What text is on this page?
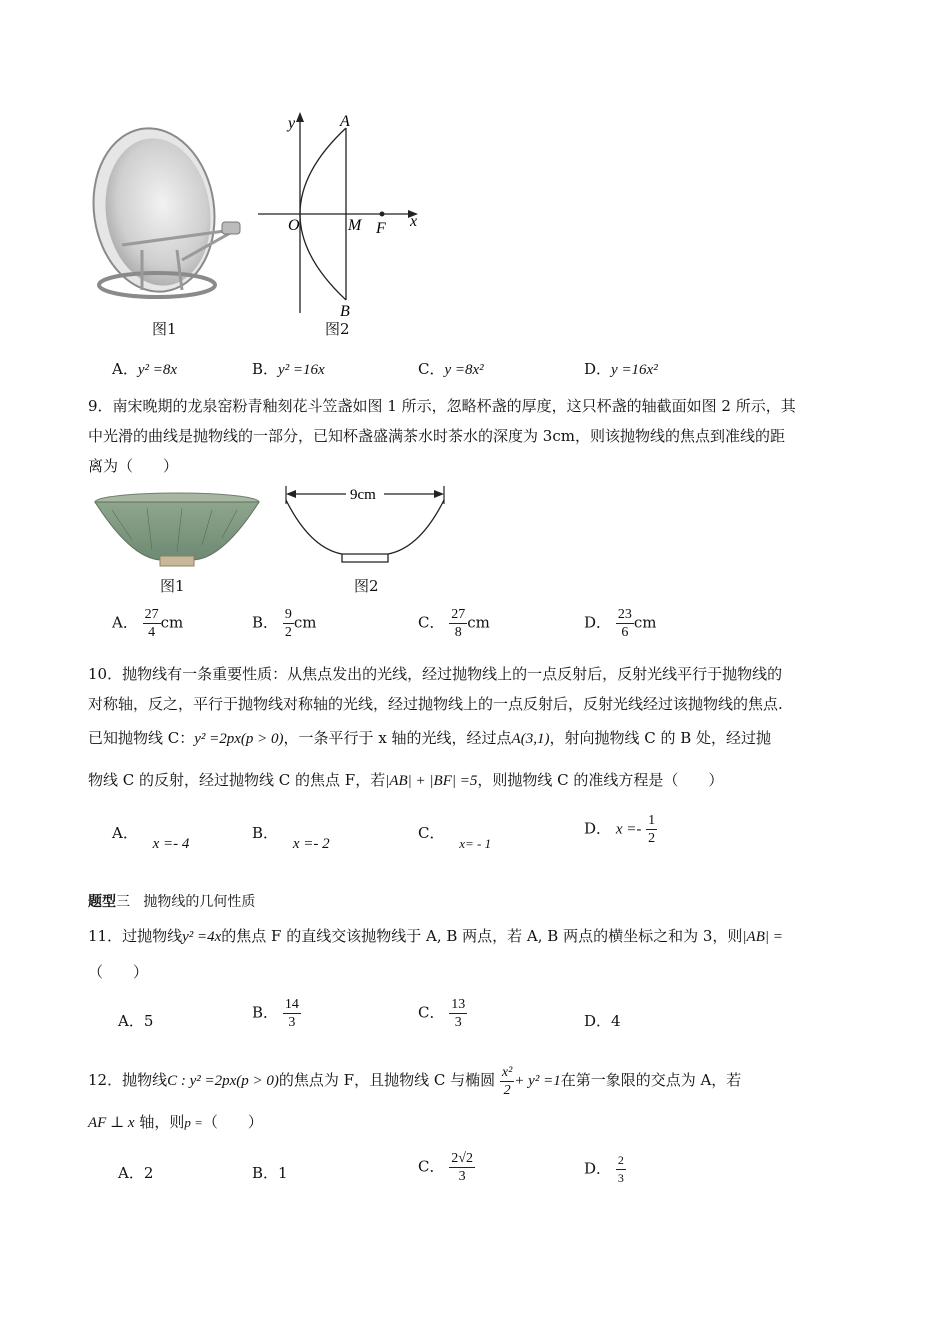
图1
y
x
A
B
O	M F
图2
A．y² =8x	B．y² =16x	C．y =8x²	D．y =16x²
9．南宋晚期的龙泉窑粉青釉刻花斗笠盏如图 1 所示，忽略杯盏的厚度，这只杯盏的轴截面如图 2 所示，其
中光滑的曲线是抛物线的一部分，已知杯盏盛满茶水时茶水的深度为 3cm，则该抛物线的焦点到准线的距
离为（　　）
图1
9cm
图2
A． $\frac{27}{4}$ cm	B． $\frac{9}{2}$ cm	C． $\frac{27}{8}$ cm	D． $\frac{23}{6}$ cm
10．抛物线有一条重要性质：从焦点发出的光线，经过抛物线上的一点反射后，反射光线平行于抛物线的
对称轴，反之，平行于抛物线对称轴的光线，经过抛物线上的一点反射后，反射光线经过该抛物线的焦点.
已知抛物线 C：y² =2px(p > 0)，一条平行于 x 轴的光线，经过点A(3,1)，射向抛物线 C 的 B 处，经过抛
物线 C 的反射，经过抛物线 C 的焦点 F，若|AB| + |BF| =5，则抛物线 C 的准线方程是（　　）
A． x =- 4
B． x =- 2
C． x= - 1
D． $x =- \frac{1}{2}$
题型三 抛物线的几何性质
11．过抛物线y² =4x的焦点 F 的直线交该抛物线于 A, B 两点，若 A, B 两点的横坐标之和为 3，则|AB| =
（　　）
A．5	B． $\frac{14}{3}$	C． $\frac{13}{3}$	D．4
12．抛物线C : y² =2px(p > 0)的焦点为 F，且抛物线 C 与椭圆 $\frac{\text{x²}}{2} + y^2 =1$在第一象限的交点为 A，若
AF ⊥ x 轴，则p =（　　）
A．2	B．1	C． $\frac{2√2}{3}$	D． $\frac{2}{3}$
